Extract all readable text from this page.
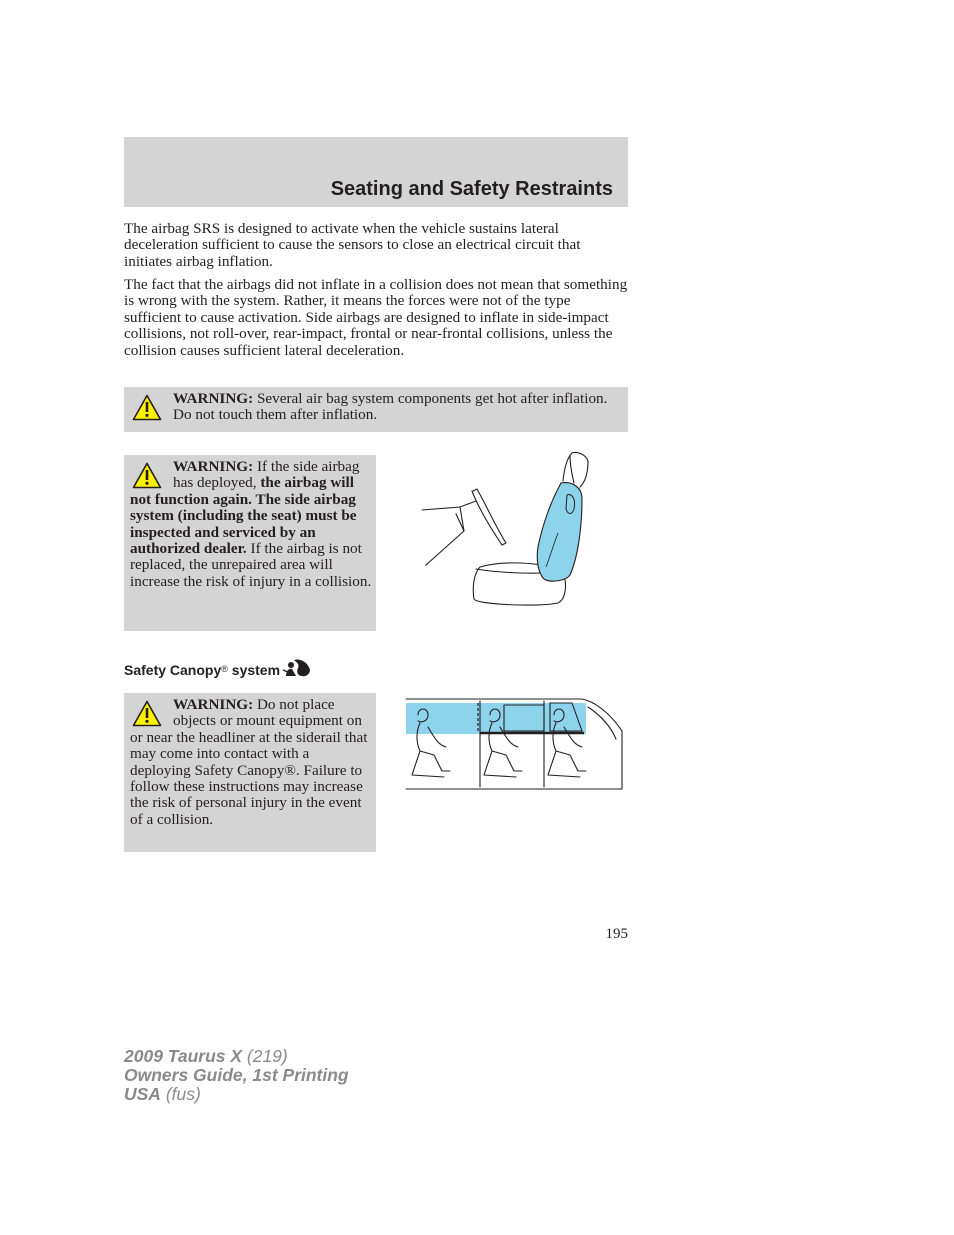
Seating and Safety Restraints

The airbag SRS is designed to activate when the vehicle sustains lateral deceleration sufficient to cause the sensors to close an electrical circuit that initiates airbag inflation.

The fact that the airbags did not inflate in a collision does not mean that something is wrong with the system. Rather, it means the forces were not of the type sufficient to cause activation. Side airbags are designed to inflate in side-impact collisions, not roll-over, rear-impact, frontal or near-frontal collisions, unless the collision causes sufficient lateral deceleration.

WARNING: Several air bag system components get hot after inflation. Do not touch them after inflation.

WARNING: If the side airbag has deployed, the airbag will not function again. The side airbag system (including the seat) must be inspected and serviced by an authorized dealer. If the airbag is not replaced, the unrepaired area will increase the risk of injury in a collision.

Safety Canopy® system

WARNING: Do not place objects or mount equipment on or near the headliner at the siderail that may come into contact with a deploying Safety Canopy®. Failure to follow these instructions may increase the risk of personal injury in the event of a collision.

195
2009 Taurus X (219)
Owners Guide, 1st Printing
USA (fus)
